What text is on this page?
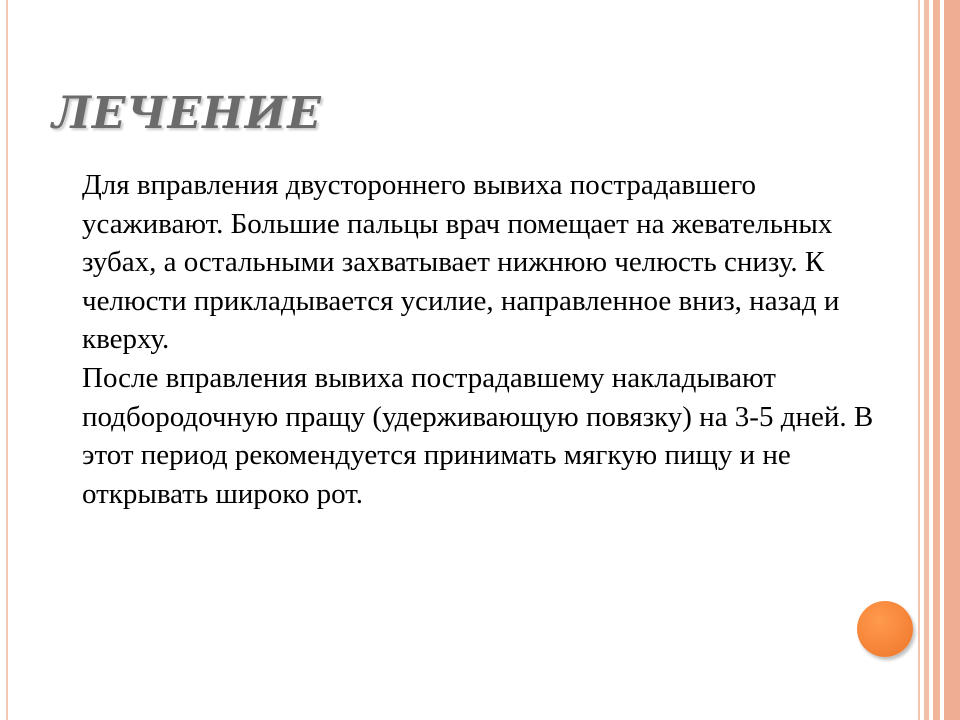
ЛЕЧЕНИЕ

Для вправления двустороннего вывиха пострадавшего усаживают. Большие пальцы врач помещает на жевательных зубах, а остальными захватывает нижнюю челюсть снизу. К челюсти прикладывается усилие, направленное вниз, назад и кверху.

После вправления вывиха пострадавшему накладывают подбородочную пращу (удерживающую повязку) на 3-5 дней. В этот период рекомендуется принимать мягкую пищу и не открывать широко рот.
